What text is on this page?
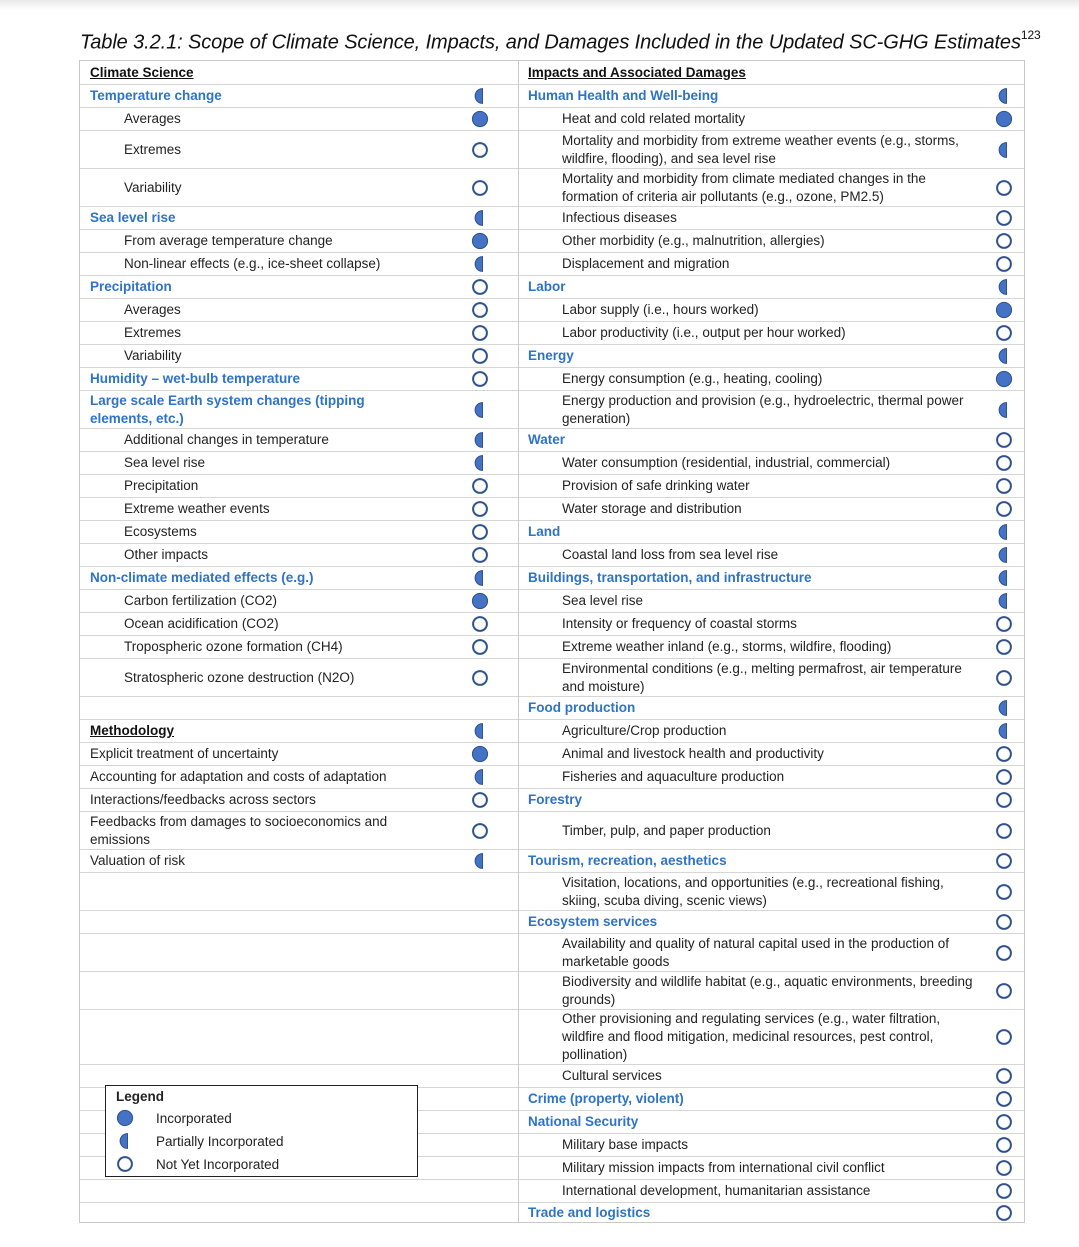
Table 3.2.1: Scope of Climate Science, Impacts, and Damages Included in the Updated SC-GHG Estimates$^{123}$
Climate Science
Temperature change
Averages
Extremes
Variability
Sea level rise
From average temperature change
Non-linear effects (e.g., ice-sheet collapse)
Precipitation
Averages
Extremes
Variability
Humidity – wet-bulb temperature
Large scale Earth system changes (tipping elements, etc.)
Additional changes in temperature
Sea level rise
Precipitation
Extreme weather events
Ecosystems
Other impacts
Non-climate mediated effects (e.g.)
Carbon fertilization (CO2)
Ocean acidification (CO2)
Tropospheric ozone formation (CH4)
Stratospheric ozone destruction (N2O)
Methodology
Explicit treatment of uncertainty
Accounting for adaptation and costs of adaptation
Interactions/feedbacks across sectors
Feedbacks from damages to socioeconomics and emissions
Valuation of risk
Impacts and Associated Damages
Human Health and Well-being
Heat and cold related mortality
Mortality and morbidity from extreme weather events (e.g., storms, wildfire, flooding), and sea level rise
Mortality and morbidity from climate mediated changes in the formation of criteria air pollutants (e.g., ozone, PM2.5)
Infectious diseases
Other morbidity (e.g., malnutrition, allergies)
Displacement and migration
Labor
Labor supply (i.e., hours worked)
Labor productivity (i.e., output per hour worked)
Energy
Energy consumption (e.g., heating, cooling)
Energy production and provision (e.g., hydroelectric, thermal power generation)
Water
Water consumption (residential, industrial, commercial)
Provision of safe drinking water
Water storage and distribution
Land
Coastal land loss from sea level rise
Buildings, transportation, and infrastructure
Sea level rise
Intensity or frequency of coastal storms
Extreme weather inland (e.g., storms, wildfire, flooding)
Environmental conditions (e.g., melting permafrost, air temperature and moisture)
Food production
Agriculture/Crop production
Animal and livestock health and productivity
Fisheries and aquaculture production
Forestry
Timber, pulp, and paper production
Tourism, recreation, aesthetics
Visitation, locations, and opportunities (e.g., recreational fishing, skiing, scuba diving, scenic views)
Ecosystem services
Availability and quality of natural capital used in the production of marketable goods
Biodiversity and wildlife habitat (e.g., aquatic environments, breeding grounds)
Other provisioning and regulating services (e.g., water filtration, wildfire and flood mitigation, medicinal resources, pest control, pollination)
Cultural services
Crime (property, violent)
National Security
Military base impacts
Military mission impacts from international civil conflict
International development, humanitarian assistance
Trade and logistics
Legend
Incorporated
Partially Incorporated
Not Yet Incorporated
